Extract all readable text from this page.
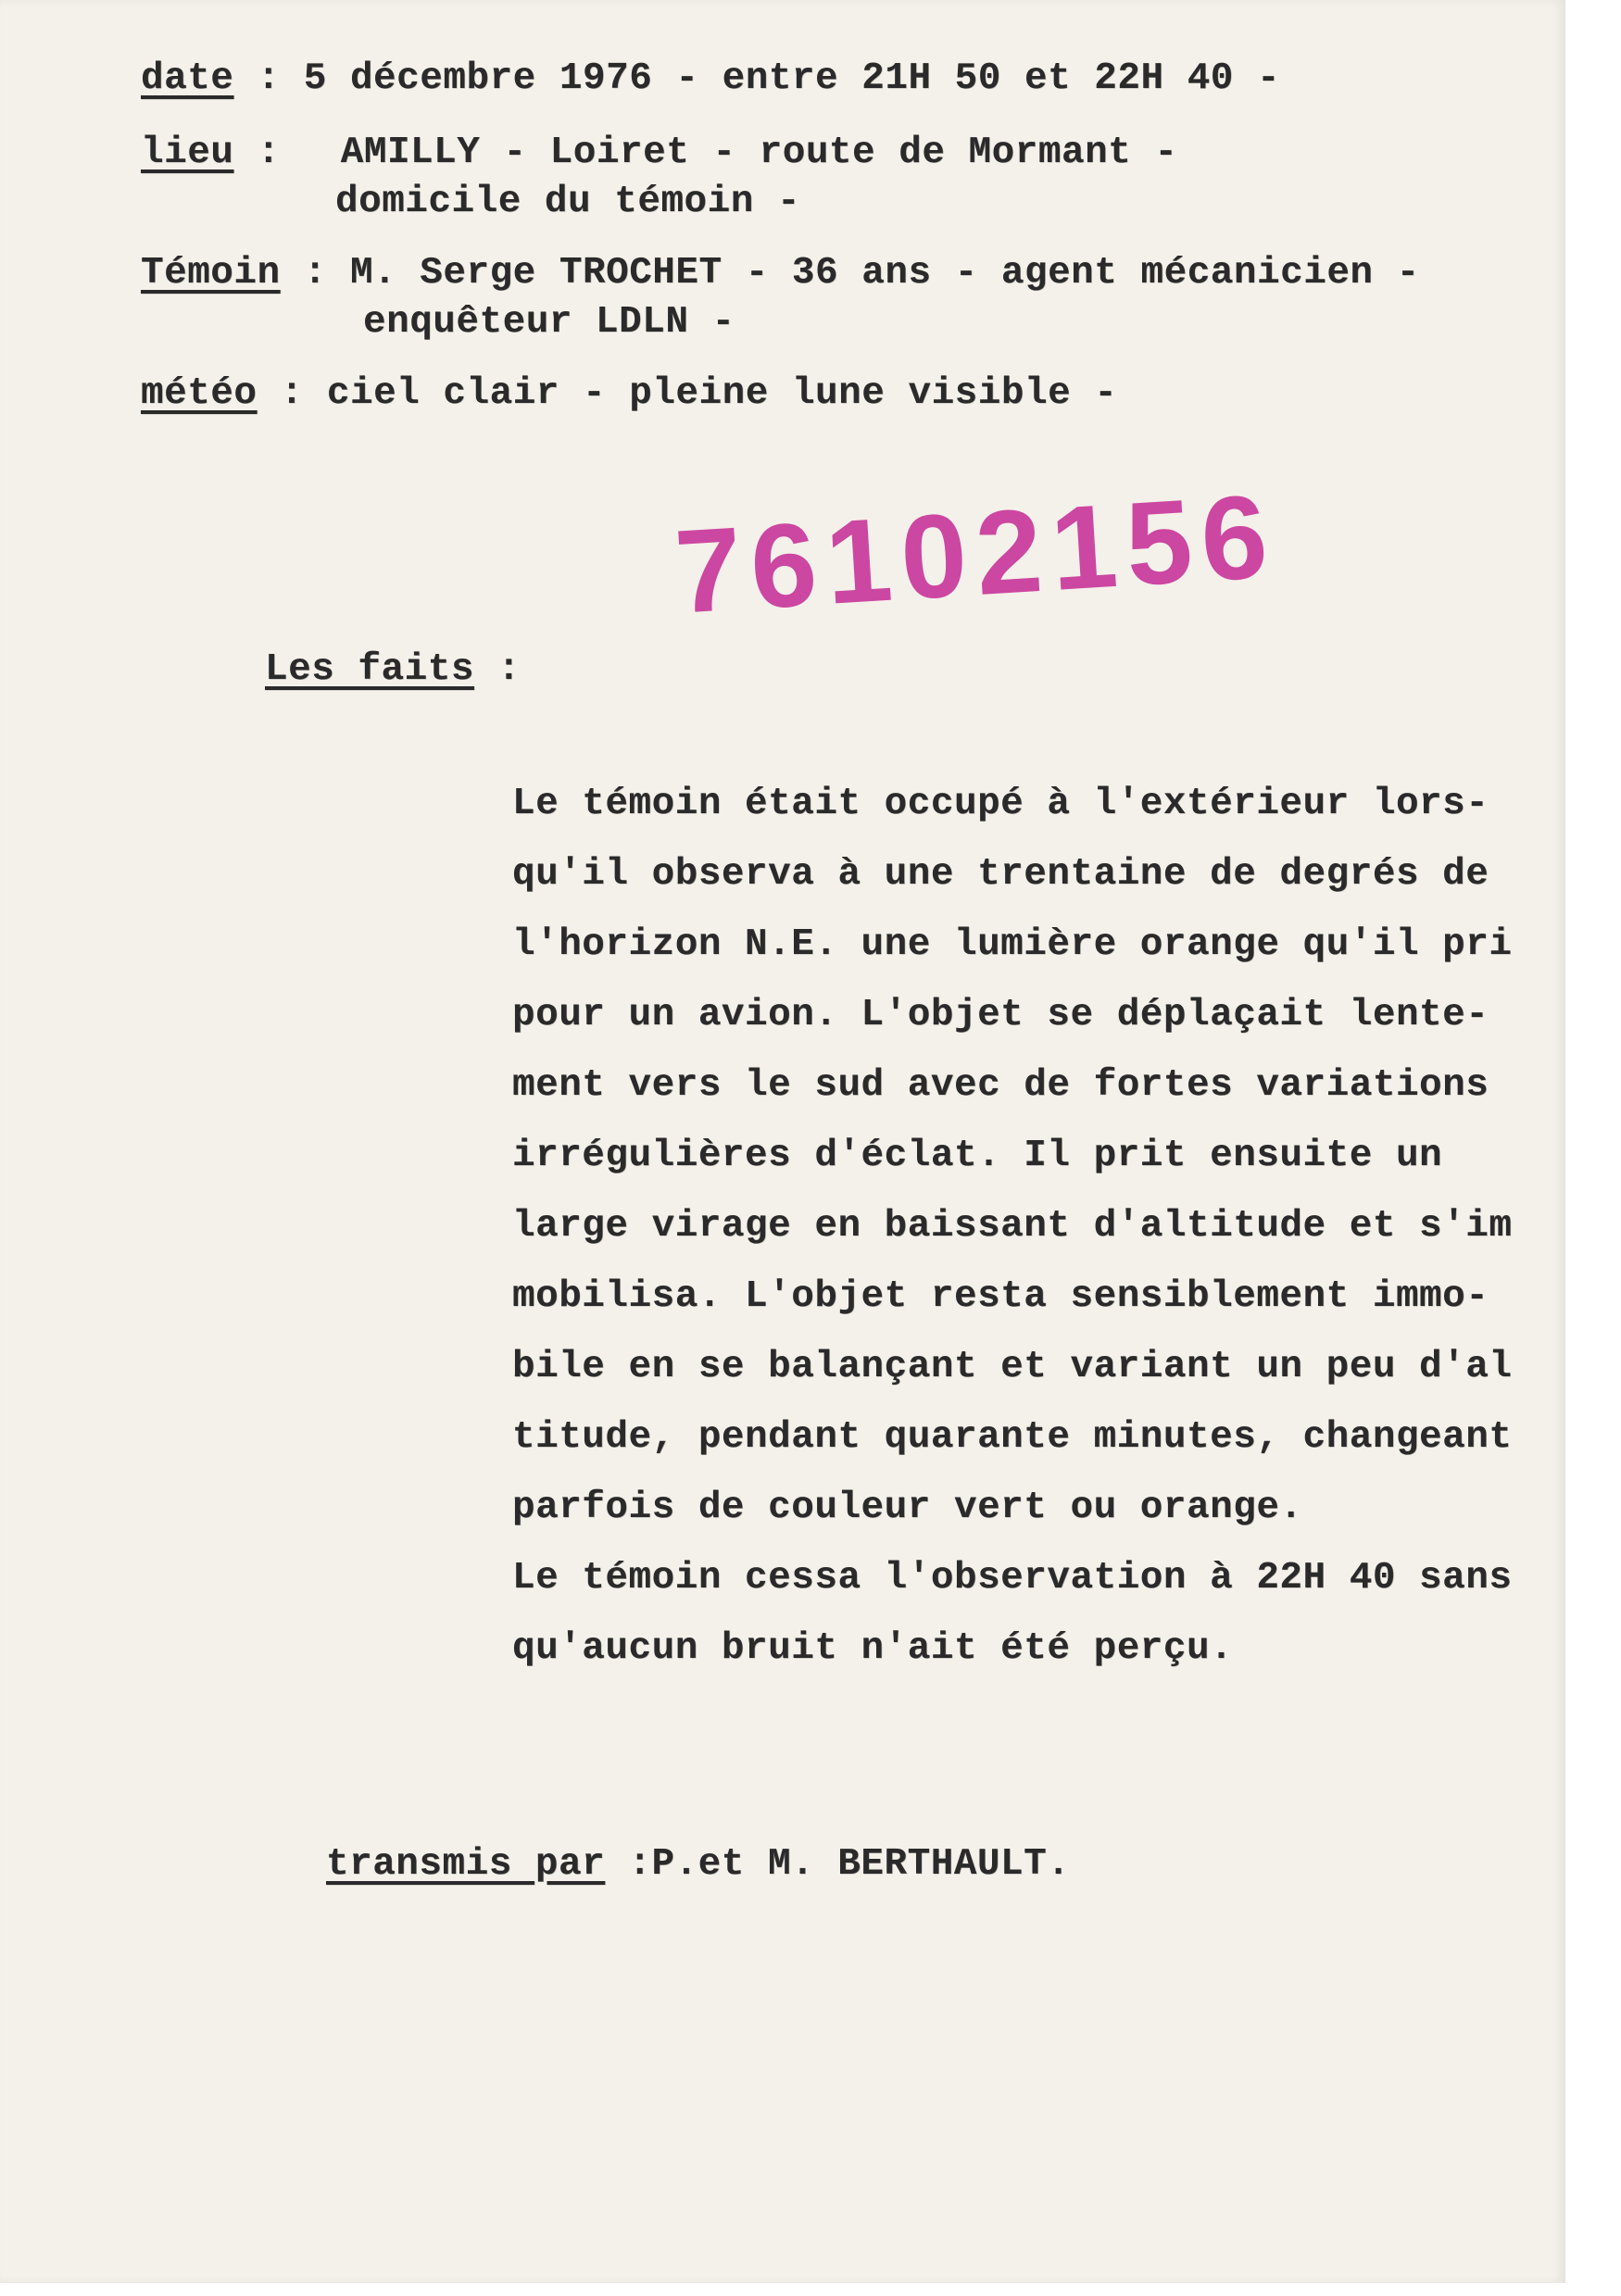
date : 5 décembre 1976 - entre 21H 50 et 22H 40 -
lieu : AMILLY - Loiret - route de Mormant -
domicile du témoin -
Témoin : M. Serge TROCHET - 36 ans - agent mécanicien -
enquêteur LDLN -
météo : ciel clair - pleine lune visible -
76102156
Les faits :
Le témoin était occupé à l'extérieur lors-
qu'il observa à une trentaine de degrés de
l'horizon N.E. une lumière orange qu'il pri
pour un avion. L'objet se déplaçait lente-
ment vers le sud avec de fortes variations
irrégulières d'éclat. Il prit ensuite un
large virage en baissant d'altitude et s'im
mobilisa. L'objet resta sensiblement immo-
bile en se balançant et variant un peu d'al
titude, pendant quarante minutes, changeant
parfois de couleur vert ou orange.
Le témoin cessa l'observation à 22H 40 sans
qu'aucun bruit n'ait été perçu.
transmis par :P.et M. BERTHAULT.
